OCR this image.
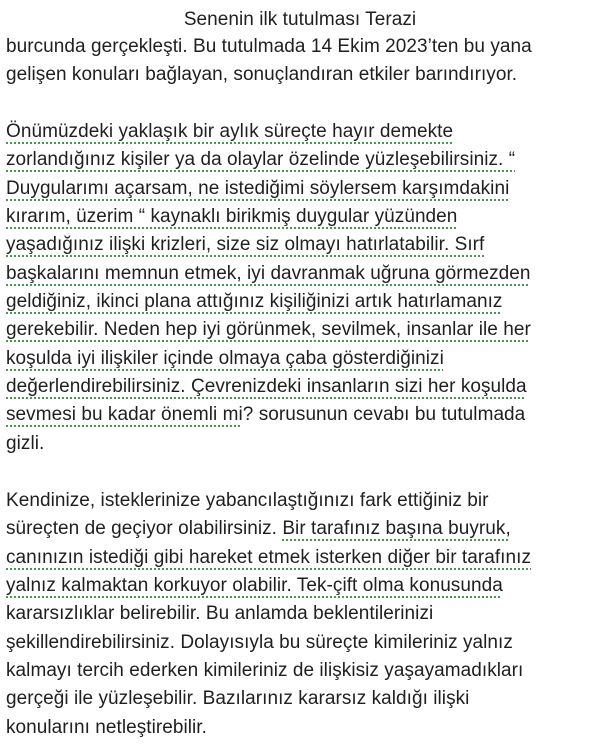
Senenin ilk tutulması Terazi
burcunda gerçekleşti. Bu tutulmada 14 Ekim 2023’ten bu yana
gelişen konuları bağlayan, sonuçlandıran etkiler barındırıyor.
Önümüzdeki yaklaşık bir aylık süreçte hayır demekte
zorlandığınız kişiler ya da olaylar özelinde yüzleşebilirsiniz. “
Duygularımı açarsam, ne istediğimi söylersem karşımdakini
kırarım, üzerim “ kaynaklı birikmiş duygular yüzünden
yaşadığınız ilişki krizleri, size siz olmayı hatırlatabilir. Sırf
başkalarını memnun etmek, iyi davranmak uğruna görmezden
geldiğiniz, ikinci plana attığınız kişiliğinizi artık hatırlamanız
gerekebilir. Neden hep iyi görünmek, sevilmek, insanlar ile her
koşulda iyi ilişkiler içinde olmaya çaba gösterdiğinizi
değerlendirebilirsiniz. Çevrenizdeki insanların sizi her koşulda
sevmesi bu kadar önemli mi? sorusunun cevabı bu tutulmada
gizli.
Kendinize, isteklerinize yabancılaştığınızı fark ettiğiniz bir
süreçten de geçiyor olabilirsiniz. Bir tarafınız başına buyruk,
canınızın istediği gibi hareket etmek isterken diğer bir tarafınız
yalnız kalmaktan korkuyor olabilir. Tek-çift olma konusunda
kararsızlıklar belirebilir. Bu anlamda beklentilerinizi
şekillendirebilirsiniz. Dolayısıyla bu süreçte kimileriniz yalnız
kalmayı tercih ederken kimileriniz de ilişkisiz yaşayamadıkları
gerçeği ile yüzleşebilir. Bazılarınız kararsız kaldığı ilişki
konularını netleştirebilir.
